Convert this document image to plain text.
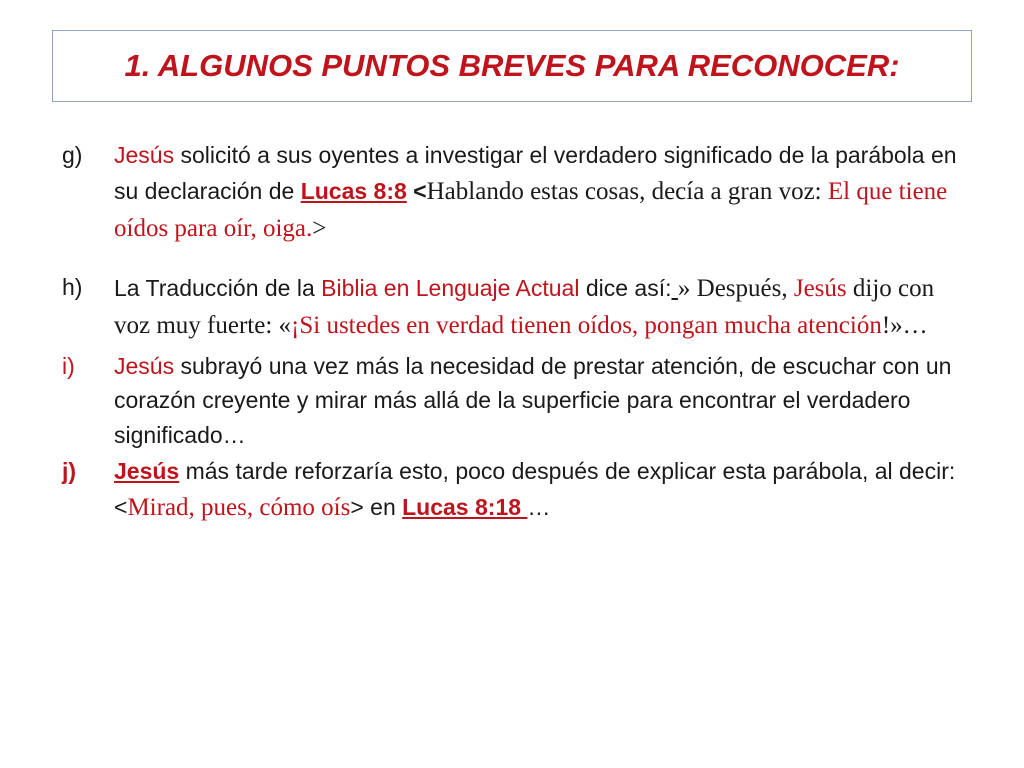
1. ALGUNOS PUNTOS BREVES PARA RECONOCER:
g) Jesús solicitó a sus oyentes a investigar el verdadero significado de la parábola en su declaración de Lucas 8:8 <Hablando estas cosas, decía a gran voz: El que tiene oídos para oír, oiga.>
h) La Traducción de la Biblia en Lenguaje Actual dice así: » Después, Jesús dijo con voz muy fuerte: «¡Si ustedes en verdad tienen oídos, pongan mucha atención!»…
i) Jesús subrayó una vez más la necesidad de prestar atención, de escuchar con un corazón creyente y mirar más allá de la superficie para encontrar el verdadero significado…
j) Jesús más tarde reforzaría esto, poco después de explicar esta parábola, al decir: <Mirad, pues, cómo oís> en Lucas 8:18 …
